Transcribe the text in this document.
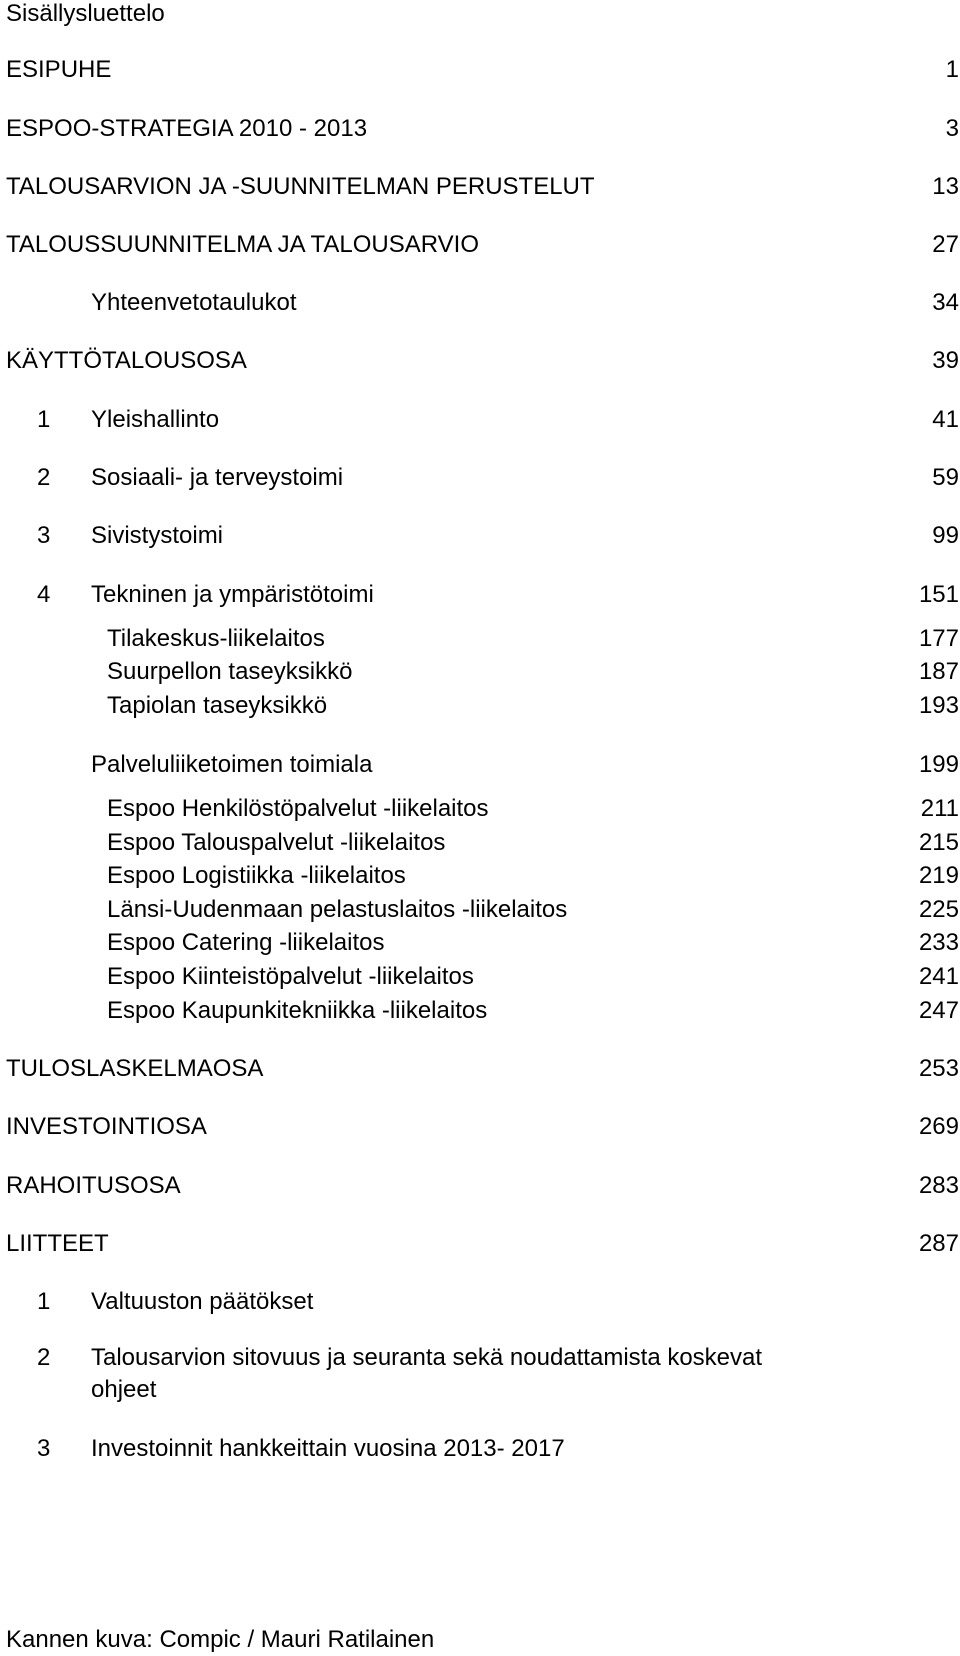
Sisällysluettelo
ESIPUHE	1
ESPOO-STRATEGIA 2010 - 2013	3
TALOUSARVION JA -SUUNNITELMAN PERUSTELUT	13
TALOUSSUUNNITELMA JA TALOUSARVIO	27
Yhteenvetotaulukot	34
KÄYTTÖTALOUSOSA	39
1 Yleishallinto	41
2 Sosiaali- ja terveystoimi	59
3 Sivistystoimi	99
4 Tekninen ja ympäristötoimi	151
Tilakeskus-liikelaitos	177
Suurpellon taseyksikkö	187
Tapiolan taseyksikkö	193
Palveluliiketoimen toimiala	199
Espoo Henkilöstöpalvelut -liikelaitos	211
Espoo Talouspalvelut -liikelaitos	215
Espoo Logistiikka -liikelaitos	219
Länsi-Uudenmaan pelastuslaitos -liikelaitos	225
Espoo Catering -liikelaitos	233
Espoo Kiinteistöpalvelut -liikelaitos	241
Espoo Kaupunkitekniikka -liikelaitos	247
TULOSLASKELMAOSA	253
INVESTOINTIOSA	269
RAHOITUSOSA	283
LIITTEET	287
1 Valtuuston päätökset
2 Talousarvion sitovuus ja seuranta sekä noudattamista koskevat ohjeet
3 Investoinnit hankkeittain vuosina 2013- 2017
Kannen kuva: Compic / Mauri Ratilainen
